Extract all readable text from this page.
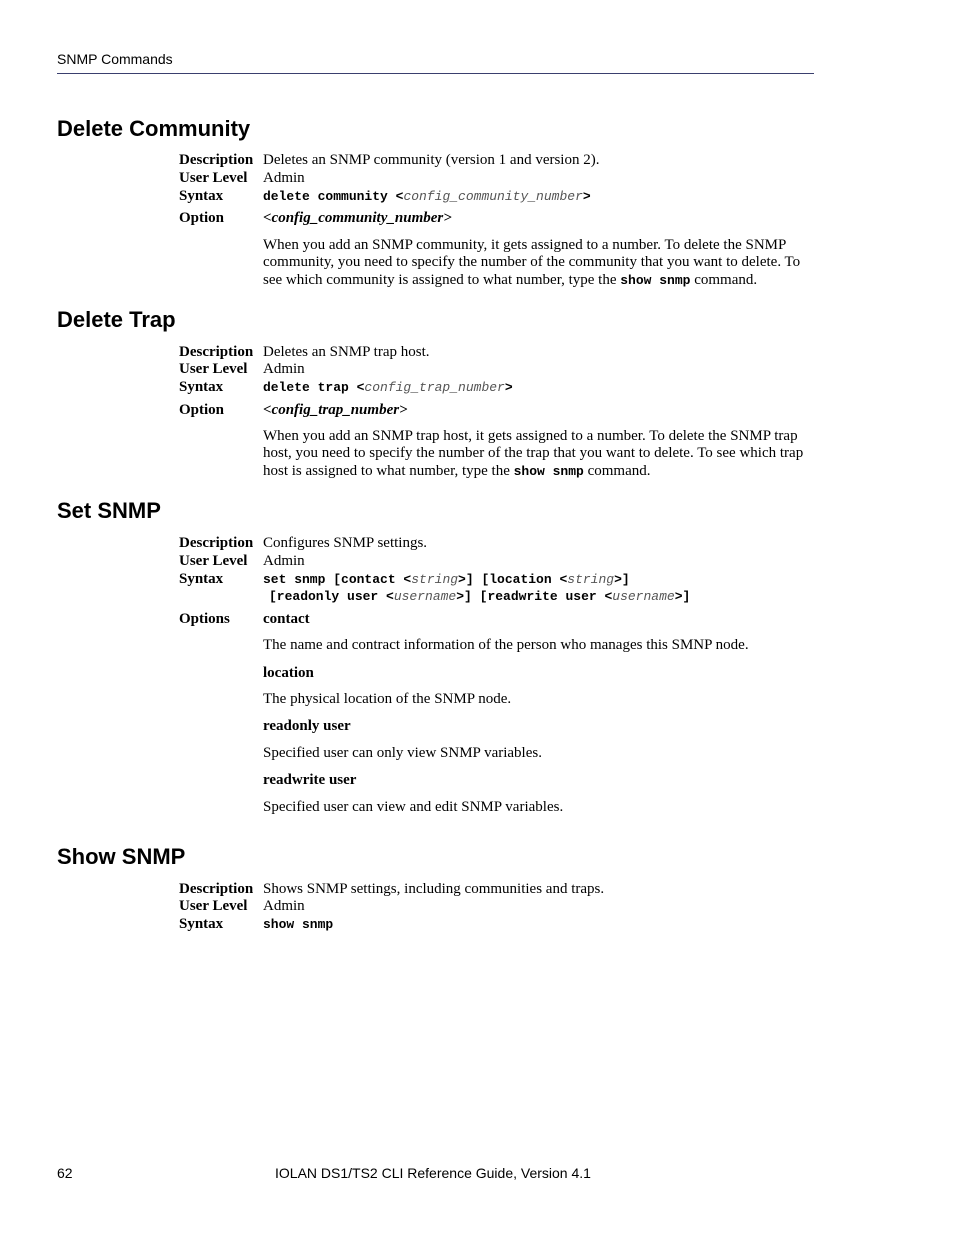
SNMP Commands
Delete Community
Description Deletes an SNMP community (version 1 and version 2).
User Level Admin
Syntax	delete community <config_community_number>
Option	<config_community_number>

When you add an SNMP community, it gets assigned to a number. To delete the SNMP community, you need to specify the number of the community that you want to delete. To see which community is assigned to what number, type the show snmp command.

Delete Trap
Description Deletes an SNMP trap host.
User Level Admin
Syntax	delete trap <config_trap_number>
Option	<config_trap_number>

When you add an SNMP trap host, it gets assigned to a number. To delete the SNMP trap host, you need to specify the number of the trap that you want to delete. To see which trap host is assigned to what number, type the show snmp command.

Set SNMP
Description Configures SNMP settings.
User Level Admin
Syntax	set snmp [contact <string>] [location <string>]
[readonly user <username>] [readwrite user <username>]
Options contact
The name and contract information of the person who manages this SMNP node.
location
The physical location of the SNMP node.
readonly user
Specified user can only view SNMP variables.
readwrite user
Specified user can view and edit SNMP variables.
Show SNMP
Description Shows SNMP settings, including communities and traps.
User Level Admin
Syntax	show snmp
62	IOLAN DS1/TS2 CLI Reference Guide, Version 4.1
